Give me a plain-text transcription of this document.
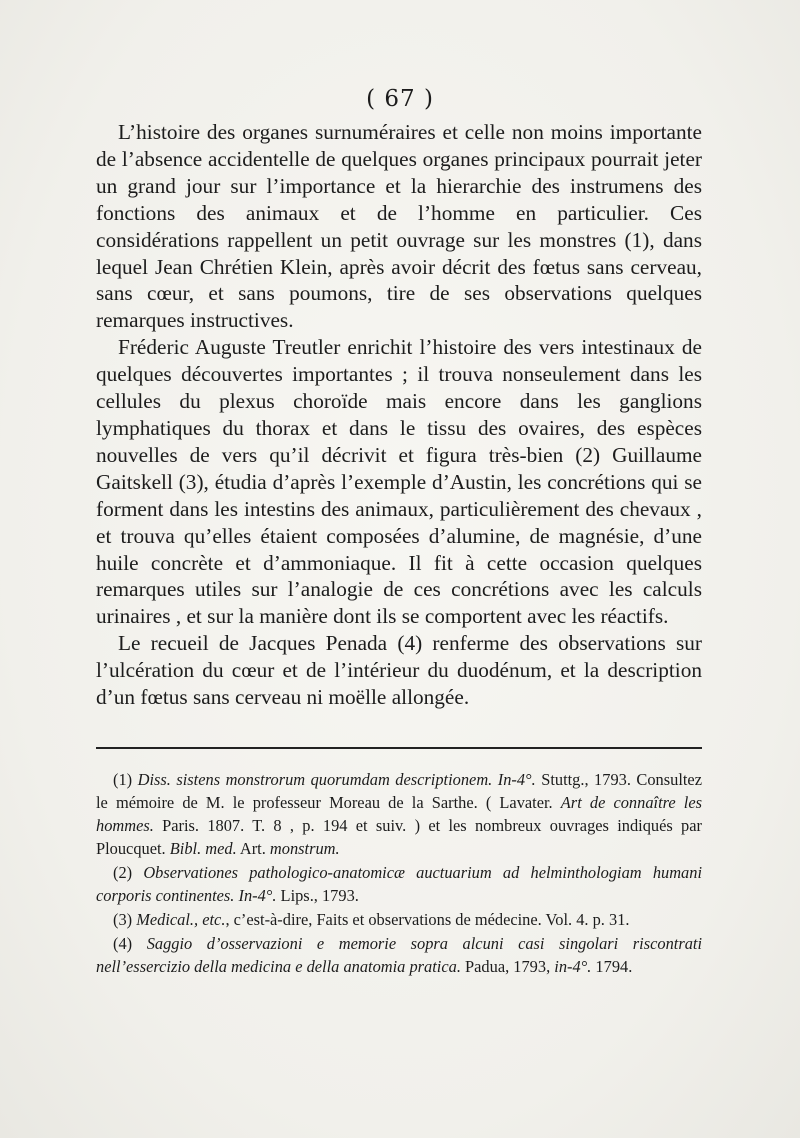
( 67 )

L’histoire des organes surnuméraires et celle non moins importante de l’absence accidentelle de quelques organes principaux pourrait jeter un grand jour sur l’importance et la hierarchie des instrumens des fonctions des animaux et de l’homme en particulier. Ces considérations rappellent un petit ouvrage sur les monstres (1), dans lequel Jean Chrétien Klein, après avoir décrit des fœtus sans cerveau, sans cœur, et sans poumons, tire de ses observations quelques remarques instructives.

Fréderic Auguste Treutler enrichit l’histoire des vers intestinaux de quelques découvertes importantes ; il trouva nonseulement dans les cellules du plexus choroïde mais encore dans les ganglions lymphatiques du thorax et dans le tissu des ovaires, des espèces nouvelles de vers qu’il décrivit et figura très-bien (2) Guillaume Gaitskell (3), étudia d’après l’exemple d’Austin, les concrétions qui se forment dans les intestins des animaux, particulièrement des chevaux , et trouva qu’elles étaient composées d’alumine, de magnésie, d’une huile concrète et d’ammoniaque. Il fit à cette occasion quelques remarques utiles sur l’analogie de ces concrétions avec les calculs urinaires , et sur la manière dont ils se comportent avec les réactifs.

Le recueil de Jacques Penada (4) renferme des observations sur l’ulcération du cœur et de l’intérieur du duodénum, et la description d’un fœtus sans cerveau ni moëlle allongée.

(1) Diss. sistens monstrorum quorumdam descriptionem. In-4°. Stuttg., 1793. Consultez le mémoire de M. le professeur Moreau de la Sarthe. ( Lavater. Art de connaître les hommes. Paris. 1807. T. 8 , p. 194 et suiv. ) et les nombreux ouvrages indiqués par Ploucquet. Bibl. med. Art. monstrum.

(2) Observationes pathologico-anatomicæ auctuarium ad helminthologiam humani corporis continentes. In-4°. Lips., 1793.

(3) Medical., etc., c’est-à-dire, Faits et observations de médecine. Vol. 4. p. 31.

(4) Saggio d’osservazioni e memorie sopra alcuni casi singolari riscontrati nell’essercizio della medicina e della anatomia pratica. Padua, 1793, in-4°. 1794.
